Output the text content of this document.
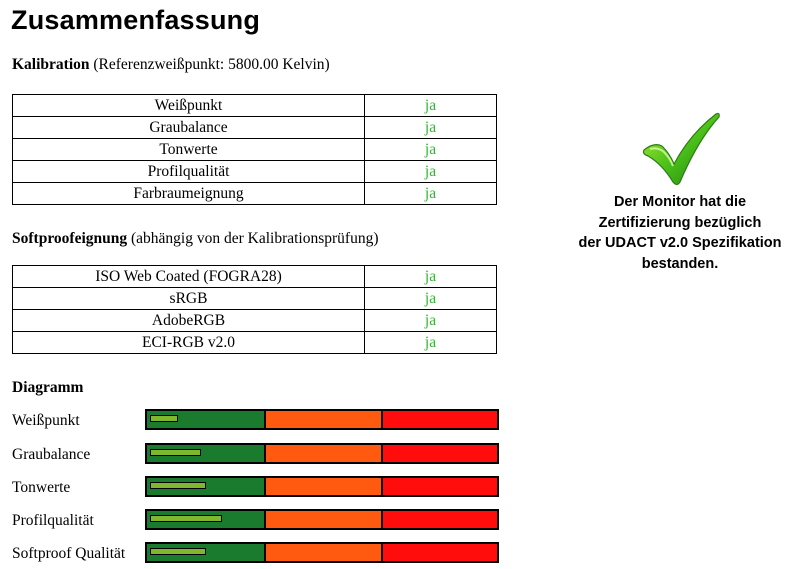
Zusammenfassung
Kalibration (Referenzweißpunkt: 5800.00 Kelvin)
Weißpunkt	ja
Graubalance	ja
Tonwerte	ja
Profilqualität	ja
Farbraumeignung	ja
Softproofeignung (abhängig von der Kalibrationsprüfung)
ISO Web Coated (FOGRA28)	ja
sRGB	ja
AdobeRGB	ja
ECI-RGB v2.0	ja
Diagramm
Weißpunkt
Graubalance
Tonwerte
Profilqualität
Softproof Qualität
Der Monitor hat die
Zertifizierung bezüglich
der UDACT v2.0 Spezifikation
bestanden.
